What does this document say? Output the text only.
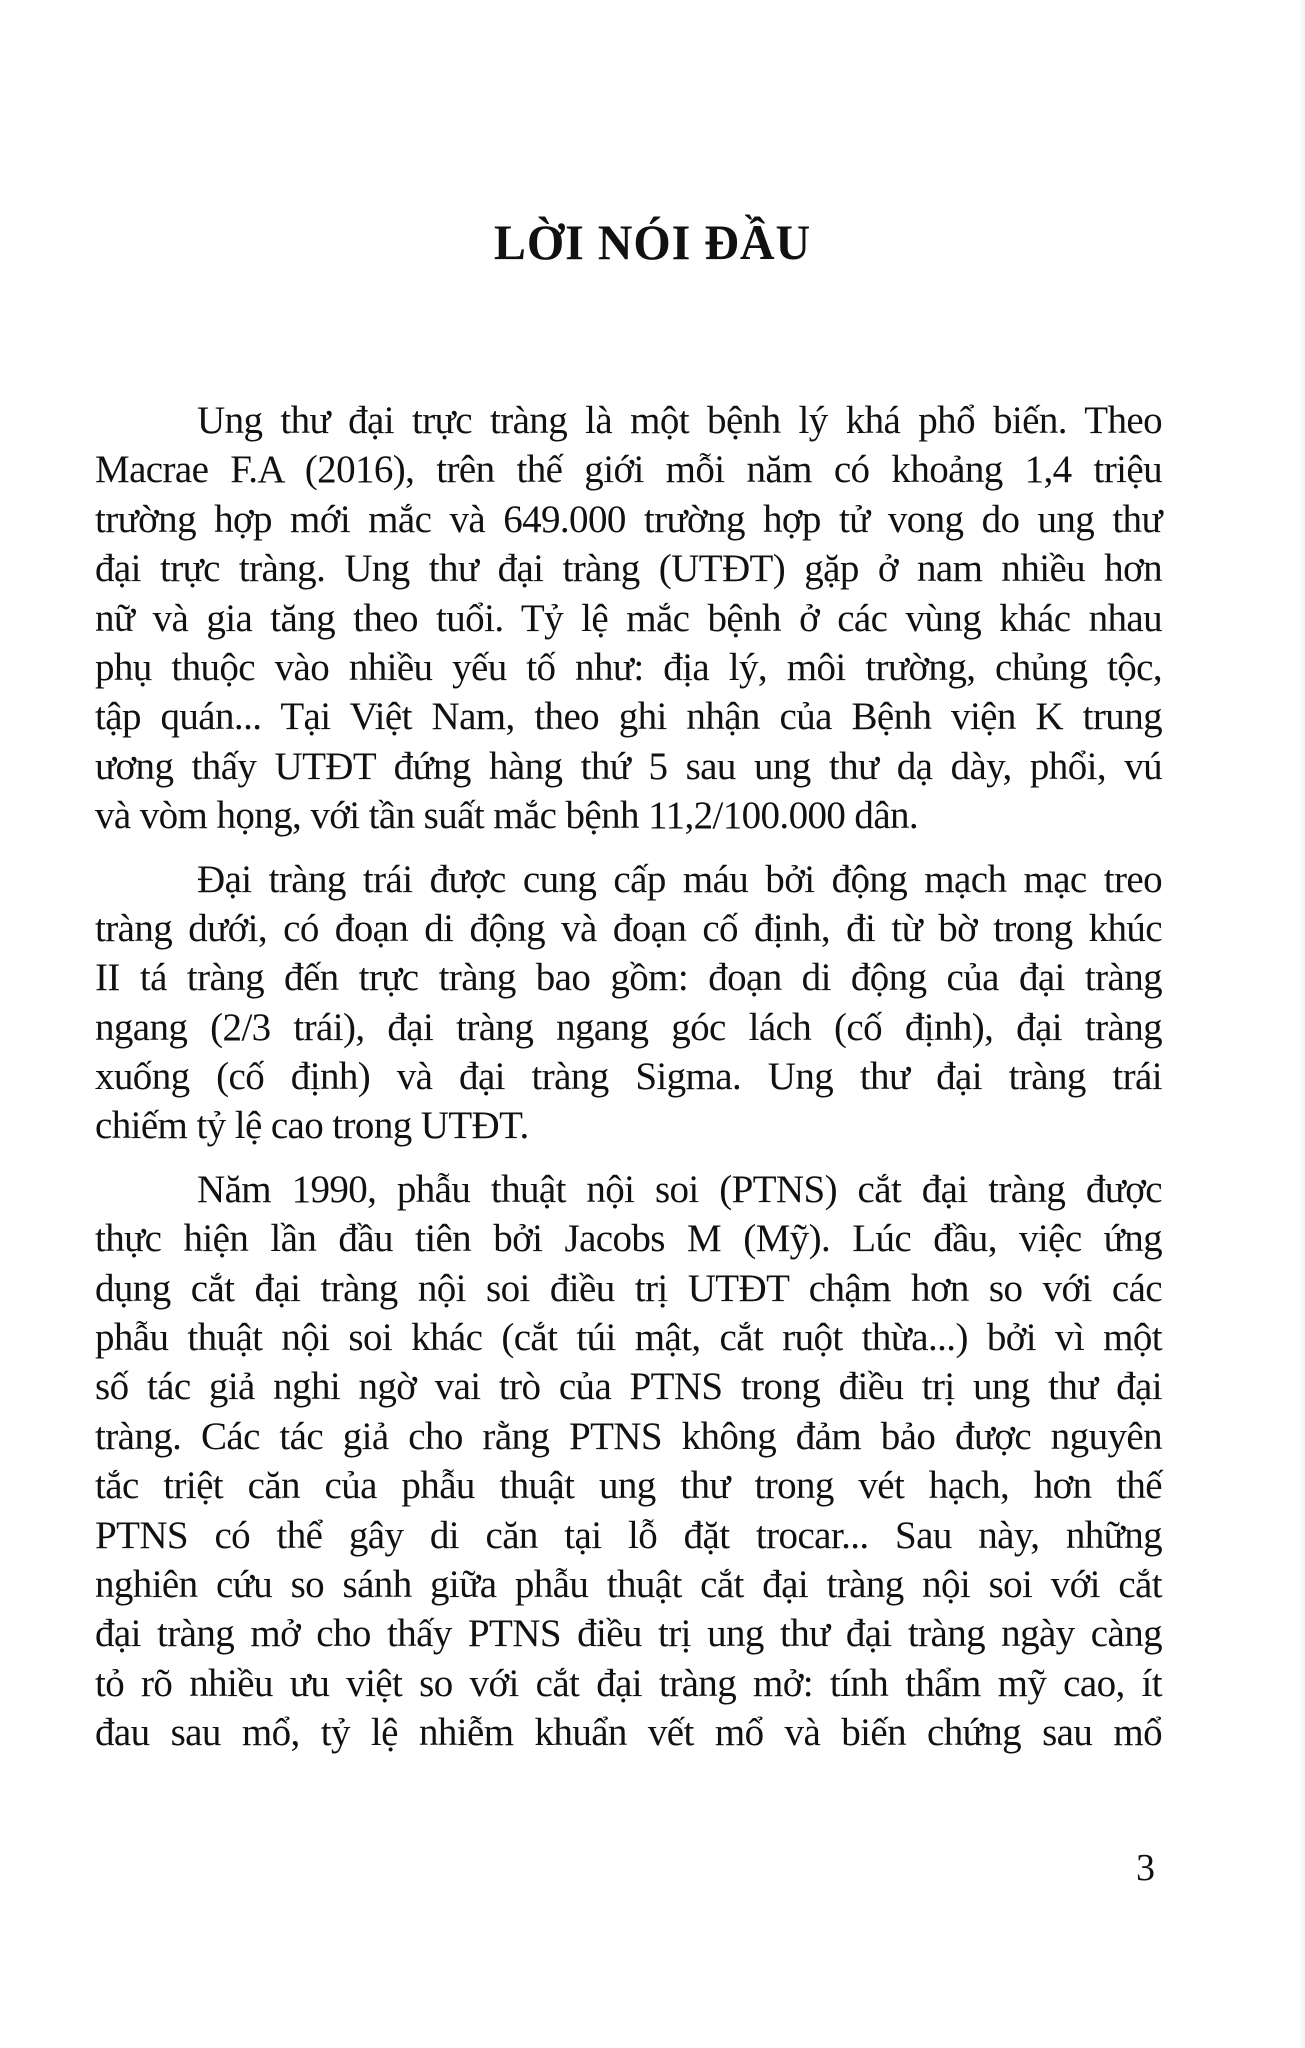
LỜI NÓI ĐẦU

Ung thư đại trực tràng là một bệnh lý khá phổ biến. Theo
Macrae F.A (2016), trên thế giới mỗi năm có khoảng 1,4 triệu
trường hợp mới mắc và 649.000 trường hợp tử vong do ung thư
đại trực tràng. Ung thư đại tràng (UTĐT) gặp ở nam nhiều hơn
nữ và gia tăng theo tuổi. Tỷ lệ mắc bệnh ở các vùng khác nhau
phụ thuộc vào nhiều yếu tố như: địa lý, môi trường, chủng tộc,
tập quán... Tại Việt Nam, theo ghi nhận của Bệnh viện K trung
ương thấy UTĐT đứng hàng thứ 5 sau ung thư dạ dày, phổi, vú
và vòm họng, với tần suất mắc bệnh 11,2/100.000 dân.

Đại tràng trái được cung cấp máu bởi động mạch mạc treo
tràng dưới, có đoạn di động và đoạn cố định, đi từ bờ trong khúc
II tá tràng đến trực tràng bao gồm: đoạn di động của đại tràng
ngang (2/3 trái), đại tràng ngang góc lách (cố định), đại tràng
xuống (cố định) và đại tràng Sigma. Ung thư đại tràng trái
chiếm tỷ lệ cao trong UTĐT.

Năm 1990, phẫu thuật nội soi (PTNS) cắt đại tràng được
thực hiện lần đầu tiên bởi Jacobs M (Mỹ). Lúc đầu, việc ứng
dụng cắt đại tràng nội soi điều trị UTĐT chậm hơn so với các
phẫu thuật nội soi khác (cắt túi mật, cắt ruột thừa...) bởi vì một
số tác giả nghi ngờ vai trò của PTNS trong điều trị ung thư đại
tràng. Các tác giả cho rằng PTNS không đảm bảo được nguyên
tắc triệt căn của phẫu thuật ung thư trong vét hạch, hơn thế
PTNS có thể gây di căn tại lỗ đặt trocar... Sau này, những
nghiên cứu so sánh giữa phẫu thuật cắt đại tràng nội soi với cắt
đại tràng mở cho thấy PTNS điều trị ung thư đại tràng ngày càng
tỏ rõ nhiều ưu việt so với cắt đại tràng mở: tính thẩm mỹ cao, ít
đau sau mổ, tỷ lệ nhiễm khuẩn vết mổ và biến chứng sau mổ

3
